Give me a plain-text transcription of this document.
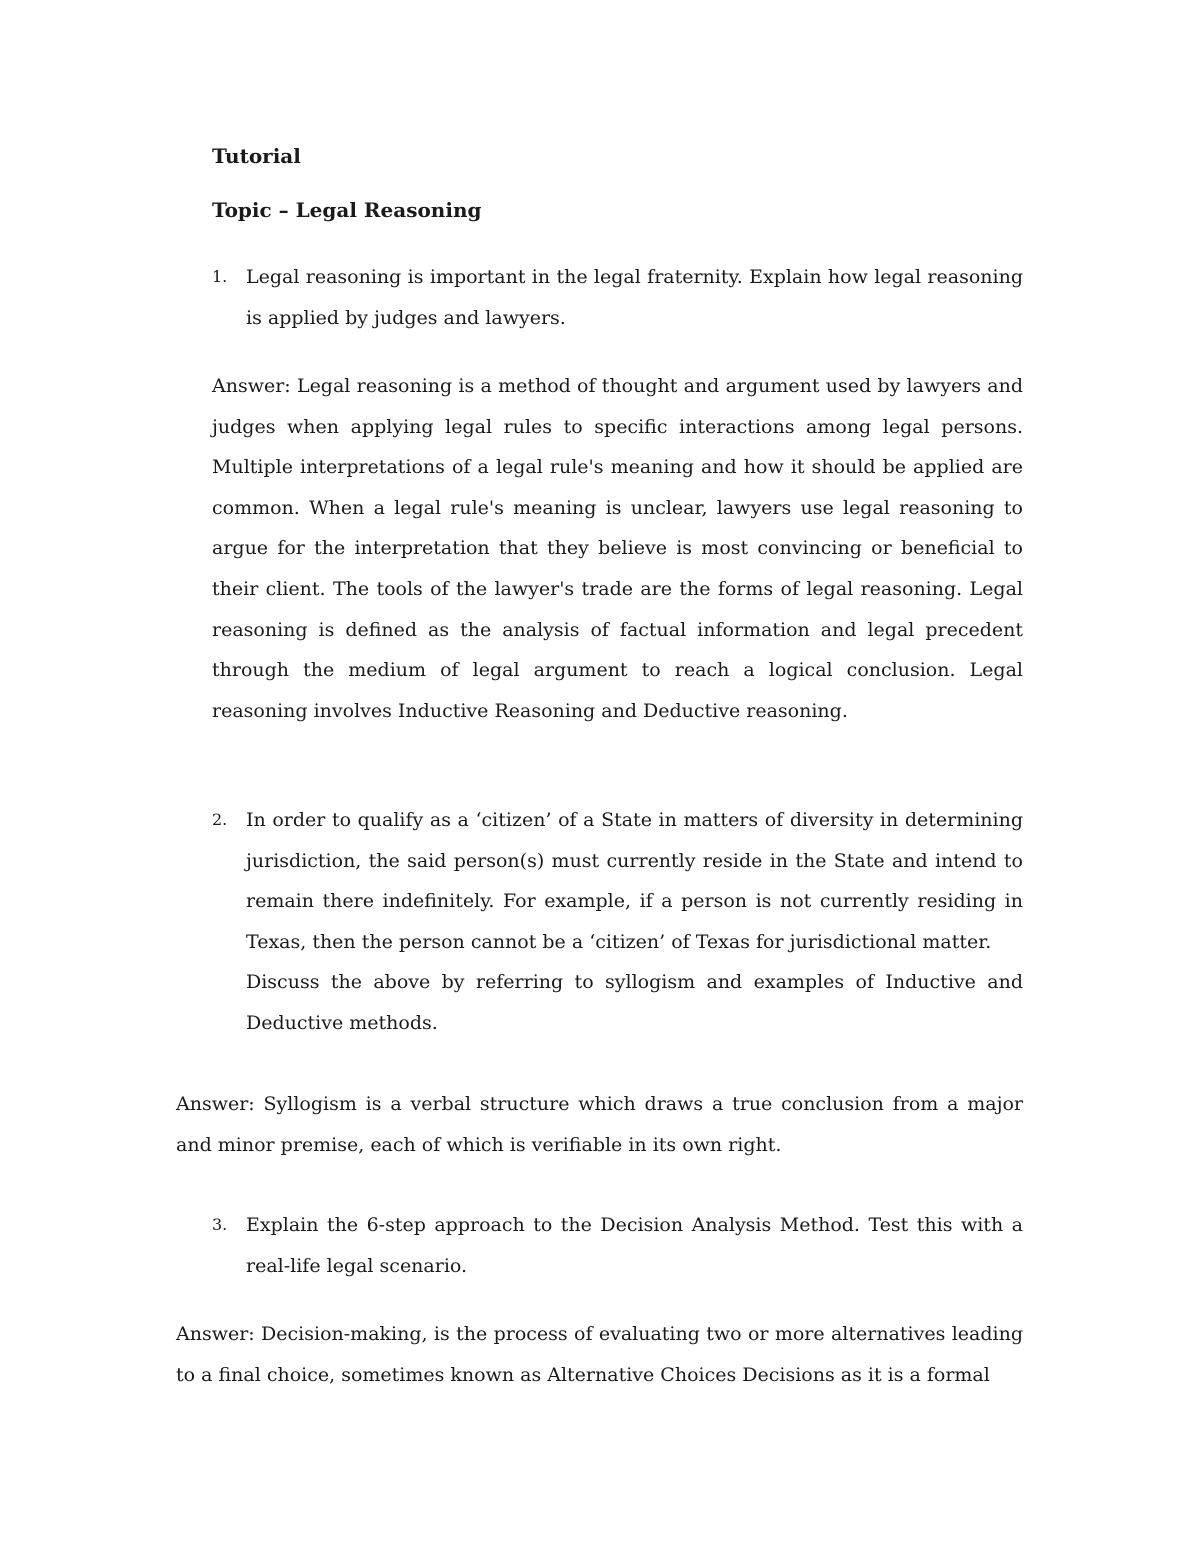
Tutorial
Topic – Legal Reasoning
1. Legal reasoning is important in the legal fraternity. Explain how legal reasoning is applied by judges and lawyers.

Answer: Legal reasoning is a method of thought and argument used by lawyers and judges when applying legal rules to specific interactions among legal persons. Multiple interpretations of a legal rule's meaning and how it should be applied are common. When a legal rule's meaning is unclear, lawyers use legal reasoning to argue for the interpretation that they believe is most convincing or beneficial to their client. The tools of the lawyer's trade are the forms of legal reasoning. Legal reasoning is defined as the analysis of factual information and legal precedent through the medium of legal argument to reach a logical conclusion. Legal reasoning involves Inductive Reasoning and Deductive reasoning.

2. In order to qualify as a ‘citizen’ of a State in matters of diversity in determining jurisdiction, the said person(s) must currently reside in the State and intend to remain there indefinitely. For example, if a person is not currently residing in Texas, then the person cannot be a ‘citizen’ of Texas for jurisdictional matter.

Discuss the above by referring to syllogism and examples of Inductive and Deductive methods.

Answer: Syllogism is a verbal structure which draws a true conclusion from a major and minor premise, each of which is verifiable in its own right.

3. Explain the 6-step approach to the Decision Analysis Method. Test this with a real-life legal scenario.

Answer: Decision-making, is the process of evaluating two or more alternatives leading to a final choice, sometimes known as Alternative Choices Decisions as it is a formal
